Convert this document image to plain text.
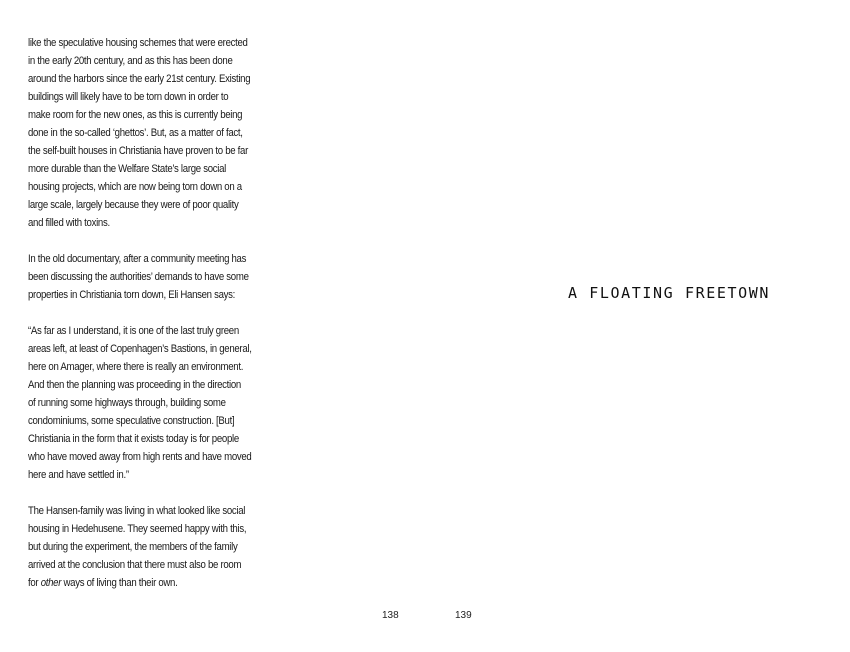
like the speculative housing schemes that were erected
in the early 20th century, and as this has been done
around the harbors since the early 21st century. Existing
buildings will likely have to be torn down in order to
make room for the new ones, as this is currently being
done in the so-called ‘ghettos’. But, as a matter of fact,
the self-built houses in Christiania have proven to be far
more durable than the Welfare State’s large social
housing projects, which are now being torn down on a
large scale, largely because they were of poor quality
and filled with toxins.

In the old documentary, after a community meeting has
been discussing the authorities’ demands to have some
properties in Christiania torn down, Eli Hansen says:

“As far as I understand, it is one of the last truly green
areas left, at least of Copenhagen’s Bastions, in general,
here on Amager, where there is really an environment.
And then the planning was proceeding in the direction
of running some highways through, building some
condominiums, some speculative construction. [But]
Christiania in the form that it exists today is for people
who have moved away from high rents and have moved
here and have settled in.”

The Hansen-family was living in what looked like social
housing in Hedehusene. They seemed happy with this,
but during the experiment, the members of the family
arrived at the conclusion that there must also be room
for other ways of living than their own.

138
A FLOATING FREETOWN
139
